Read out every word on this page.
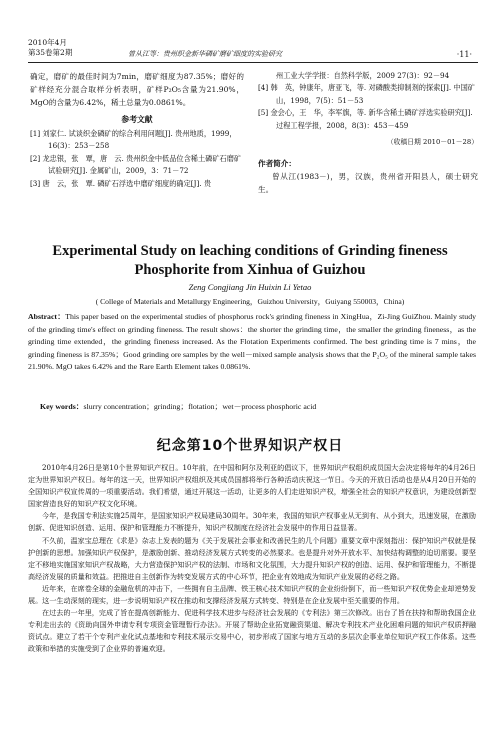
2010年4月
第35卷第2期	曾从江等：贵州织金新华磷矿磨矿细度的实验研究	·11·

确定，磨矿的最佳时间为7min，磨矿细度为87.35%；磨好的矿样经充分混合取样分析表明，矿样P₂O₅含量为21.90%，MgO的含量为6.42%，稀土总量为0.0861%。

参考文献
[1] 刘家仁. 试谈织金磷矿的综合利用问题[J]. 贵州地质，1999，16(3)：253－258
[2] 龙忠银，张　覃，唐　云. 贵州织金中低品位含稀土磷矿石磨矿试验研究[J]. 金属矿山，2009，3：71－72
[3] 唐　云，张　覃. 磷矿石浮选中磨矿细度的确定[J]. 贵
州工业大学学报：自然科学版，2009 27(3)：92－94
[4] 韩　英，钟康年，唐亚飞，等. 对磷酸类抑制剂的探索[J]. 中国矿山，1998，7(5)：51－53
[5] 金会心，王　华，李军旗，等. 新华含稀土磷矿浮选实验研究[J]. 过程工程学报，2008，8(3)：453－459
（收稿日期 2010－01－28）
作者简介：

曾从江(1983－)，男，汉族，贵州省开阳县人，硕士研究生。

Experimental Study on leaching conditions of Grinding fineness
Phosphorite from Xinhua of Guizhou
Zeng Congjiang Jin Huixin Li Yetao
( College of Materials and Metallurgy Engineering，Guizhou University，Guiyang 550003，China)
Abstract：This paper based on the experimental studies of phosphorus rock's grinding fineness in XingHua，Zi-Jing GuiZhou. Mainly study of the grinding time's effect on grinding fineness. The result shows：the shorter the grinding time，the smaller the grinding fineness，as the grinding time extended，the grinding fineness increased. As the Flotation Experiments confirmed. The best grinding time is 7 mins，the grinding fineness is 87.35%；Good grinding ore samples by the well－mixed sample analysis shows that the P₂O₅ of the mineral sample takes 21.90%. MgO takes 6.42% and the Rare Earth Element takes 0.0861%.
Key words：slurry concentration；grinding；flotation；wet－process phosphoric acid
纪念第10个世界知识产权日

2010年4月26日是第10个世界知识产权日。10年前，在中国和阿尔及利亚的倡议下，世界知识产权组织成员国大会决定将每年的4月26日定为世界知识产权日。每年的这一天，世界知识产权组织及其成员国都将举行各种活动庆祝这一节日。今天的开放日活动也是从4月20日开始的全国知识产权宣传周的一项重要活动。我们希望，通过开展这一活动，让更多的人们走进知识产权，增强全社会的知识产权意识，为建设创新型国家营造良好的知识产权文化环境。

今年，是我国专利法实施25周年，是国家知识产权局建局30周年。30年来，我国的知识产权事业从无到有、从小到大，迅速发展，在激励创新、促进知识创造、运用、保护和管理能力不断提升，知识产权制度在经济社会发展中的作用日益显著。

不久前，温家宝总理在《求是》杂志上发表的题为《关于发展社会事业和改善民生的几个问题》重要文章中深刻指出：保护知识产权就是保护创新的思想。加强知识产权保护，是激励创新、推动经济发展方式转变的必然要求。也是提升对外开放水平、加快结构调整的迫切需要。要坚定不移地实施国家知识产权战略，大力营造保护知识产权的法制、市场和文化氛围，大力提升知识产权的创造、运用、保护和管理能力，不断提高经济发展的质量和效益。把推进自主创新作为转变发展方式的中心环节，把企业有效地成为知识产业发展的必经之路。

近年来，在席卷全球的金融危机的冲击下，一些拥有自主品牌、铁王核心技术知识产权的企业纷纷倒下，而一些知识产权优势企业却逆势发展。这一生动深刻的现实，进一步说明知识产权在推动和支撑经济发展方式转变、特别是在企业发展中至关重要的作用。

在过去的一年里，完成了旨在提高创新能力、促进科学技术进步与经济社会发展的《专利法》第三次修改。出台了旨在扶持和帮助我国企业专利走出去的《资助向国外申请专利专项资金管理暂行办法》。开展了帮助企业拓宽融资渠道、解决专利技术产业化困难问题的知识产权质押融资试点。建立了若干个专利产业化试点基地和专利技术展示交易中心，初步形成了国家与地方互动的多层次企事业单位知识产权工作体系。这些政策和举措的实施受到了企业界的普遍欢迎。
